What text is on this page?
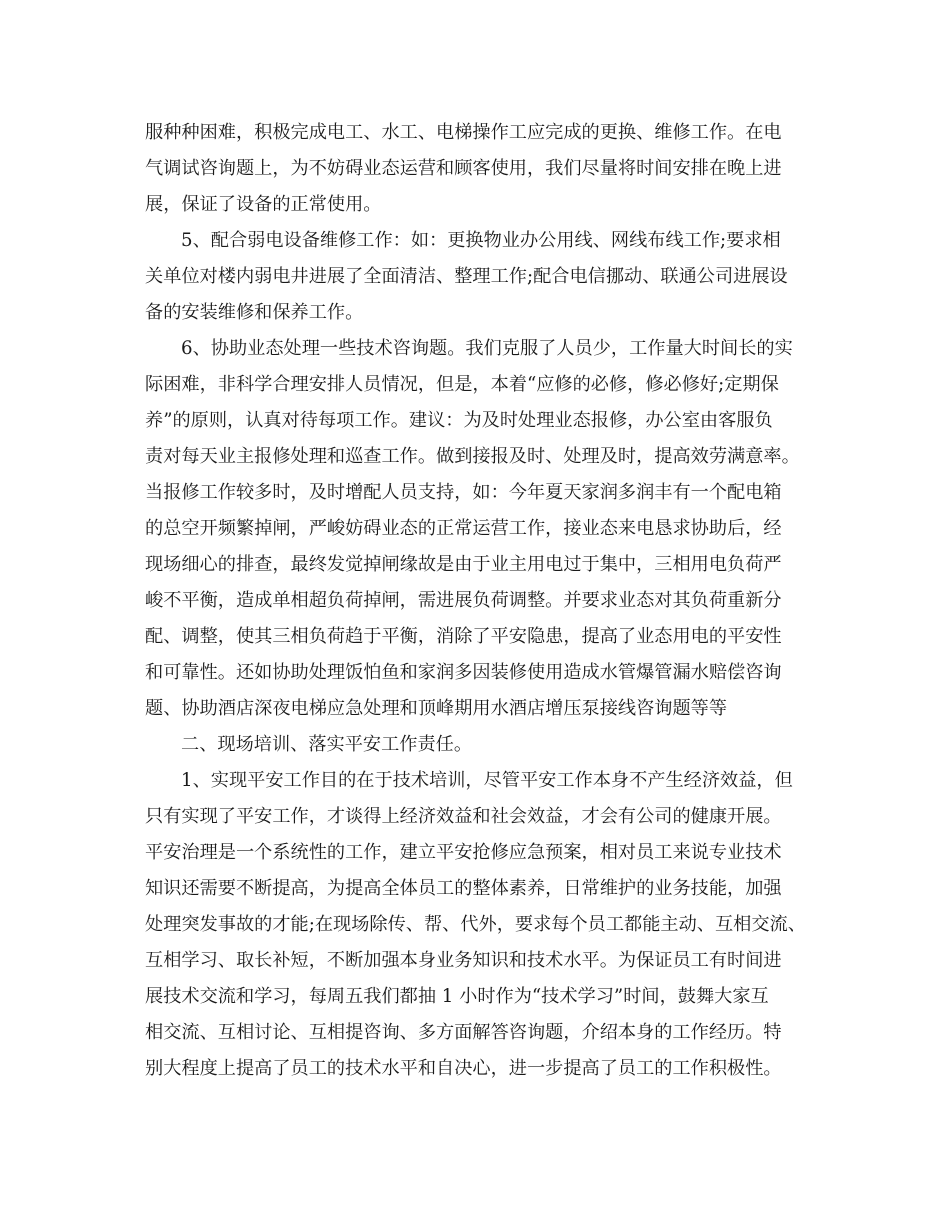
服种种困难，积极完成电工、水工、电梯操作工应完成的更换、维修工作。在电
气调试咨询题上，为不妨碍业态运营和顾客使用，我们尽量将时间安排在晚上进
展，保证了设备的正常使用。
5、配合弱电设备维修工作：如：更换物业办公用线、网线布线工作;要求相
关单位对楼内弱电井进展了全面清洁、整理工作;配合电信挪动、联通公司进展设
备的安装维修和保养工作。
6、协助业态处理一些技术咨询题。我们克服了人员少，工作量大时间长的实
际困难，非科学合理安排人员情况，但是，本着“应修的必修，修必修好;定期保
养”的原则，认真对待每项工作。建议：为及时处理业态报修，办公室由客服负
责对每天业主报修处理和巡查工作。做到接报及时、处理及时，提高效劳满意率。
当报修工作较多时，及时增配人员支持，如：今年夏天家润多润丰有一个配电箱
的总空开频繁掉闸，严峻妨碍业态的正常运营工作，接业态来电恳求协助后，经
现场细心的排查，最终发觉掉闸缘故是由于业主用电过于集中，三相用电负荷严
峻不平衡，造成单相超负荷掉闸，需进展负荷调整。并要求业态对其负荷重新分
配、调整，使其三相负荷趋于平衡，消除了平安隐患，提高了业态用电的平安性
和可靠性。还如协助处理饭怕鱼和家润多因装修使用造成水管爆管漏水赔偿咨询
题、协助酒店深夜电梯应急处理和顶峰期用水酒店增压泵接线咨询题等等
二、现场培训、落实平安工作责任。
1、实现平安工作目的在于技术培训，尽管平安工作本身不产生经济效益，但
只有实现了平安工作，才谈得上经济效益和社会效益，才会有公司的健康开展。
平安治理是一个系统性的工作，建立平安抢修应急预案，相对员工来说专业技术
知识还需要不断提高，为提高全体员工的整体素养，日常维护的业务技能，加强
处理突发事故的才能;在现场除传、帮、代外，要求每个员工都能主动、互相交流、
互相学习、取长补短，不断加强本身业务知识和技术水平。为保证员工有时间进
展技术交流和学习，每周五我们都抽 1 小时作为“技术学习”时间，鼓舞大家互
相交流、互相讨论、互相提咨询、多方面解答咨询题，介绍本身的工作经历。特
别大程度上提高了员工的技术水平和自决心，进一步提高了员工的工作积极性。
